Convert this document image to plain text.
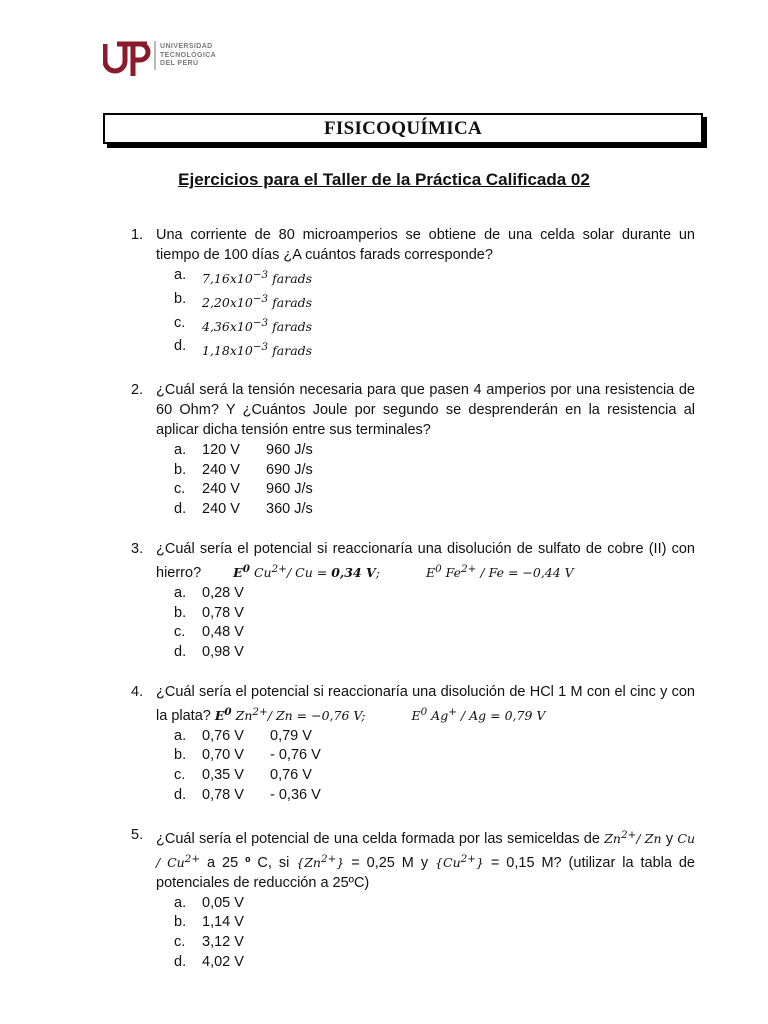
UNIVERSIDAD
TECNOLÓGICA
DEL PERÚ
FISICOQUÍMICA
Ejercicios para el Taller de la Práctica Calificada 02
1. Una corriente de 80 microamperios se obtiene de una celda solar durante un tiempo de 100 días ¿A cuántos farads corresponde?
a. $7,16x10^{-3}$ farads
b. $2,20x10^{-3}$ farads
c. $4,36x10^{-3}$ farads
d. $1,18x10^{-3}$ farads
2. ¿Cuál será la tensión necesaria para que pasen 4 amperios por una resistencia de 60 Ohm? Y ¿Cuántos Joule por segundo se desprenderán en la resistencia al aplicar dicha tensión entre sus terminales?
a. 120 V 960 J/s
b. 240 V 690 J/s
c. 240 V 960 J/s
d. 240 V 360 J/s
3. ¿Cuál sería el potencial si reaccionaría una disolución de sulfato de cobre (II) con hierro?	$E^0$ $Cu^{2+}/$ Cu = 0,34 V;	$E^0$ $Fe^{2+} / Fe = -0,44$ V
a. 0,28 V
b. 0,78 V
c. 0,48 V
d. 0,98 V
4. ¿Cuál sería el potencial si reaccionaría una disolución de HCl 1 M con el cinc y con la plata? $E^0$ $Zn^{2+}/$ Zn = −0,76 V;	$E^0$ Ag+ / Ag = 0,79 V
a. 0,76 V 0,79 V
b. 0,70 V - 0,76 V
c. 0,35 V 0,76 V
d. 0,78 V - 0,36 V
5. ¿Cuál sería el potencial de una celda formada por las semiceldas de $Zn^{2+}/$ Zn y Cu / $Cu^{2+}$ a 25 º C, si $\{Zn^{2+}\} = 0,25$ M y $\{Cu^{2+}\} = 0,15$ M? (utilizar la tabla de potenciales de reducción a 25ºC)
a. 0,05 V
b. 1,14 V
c. 3,12 V
d. 4,02 V
